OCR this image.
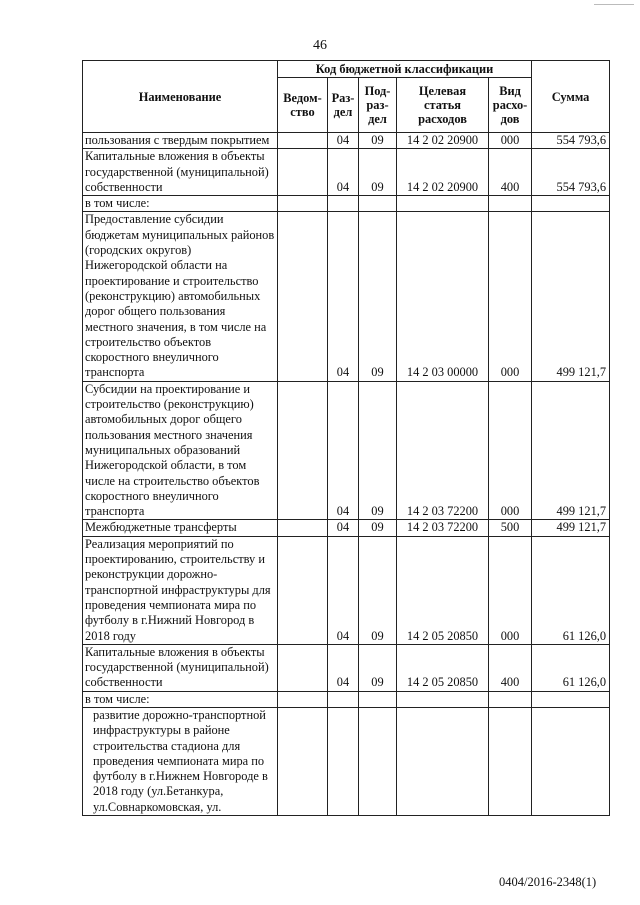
46
Наименование	Код бюджетной классификации					Сумма
	Ведом-ство	Раз-дел	Под-раз-дел	Целевая статья расходов	Вид расхо-дов	
пользования с твердым покрытием		04	09	14 2 02 20900	000	554 793,6
Капитальные вложения в объекты государственной (муниципальной) собственности		04	09	14 2 02 20900	400	554 793,6
в том числе:						
Предоставление субсидии бюджетам муниципальных районов (городских округов) Нижегородской области на проектирование и строительство (реконструкцию) автомобильных дорог общего пользования местного значения, в том числе на строительство объектов скоростного внеуличного транспорта		04	09	14 2 03 00000	000	499 121,7
Субсидии на проектирование и строительство (реконструкцию) автомобильных дорог общего пользования местного значения муниципальных образований Нижегородской области, в том числе на строительство объектов скоростного внеуличного транспорта		04	09	14 2 03 72200	000	499 121,7
Межбюджетные трансферты		04	09	14 2 03 72200	500	499 121,7
Реализация мероприятий по проектированию, строительству и реконструкции дорожно-транспортной инфраструктуры для проведения чемпионата мира по футболу в г.Нижний Новгород в 2018 году		04	09	14 2 05 20850	000	61 126,0
Капитальные вложения в объекты государственной (муниципальной) собственности		04	09	14 2 05 20850	400	61 126,0
в том числе:						
развитие дорожно-транспортной инфраструктуры в районе строительства стадиона для проведения чемпионата мира по футболу в г.Нижнем Новгороде в 2018 году (ул.Бетанкура, ул.Совнаркомовская, ул.						
0404/2016-2348(1)
